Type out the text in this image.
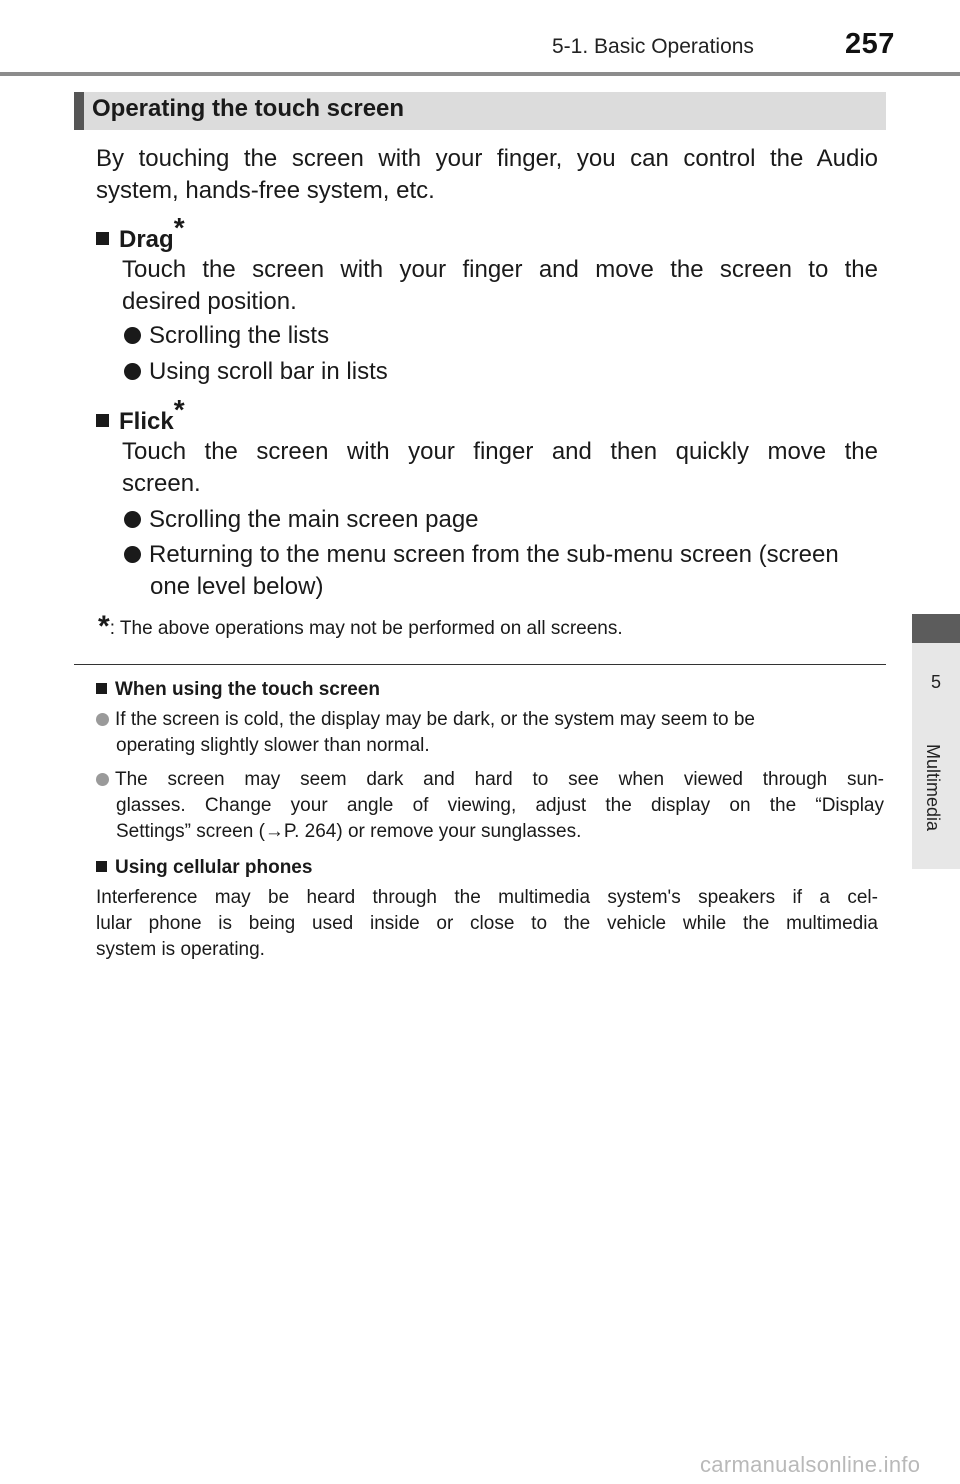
5-1. Basic Operations	257
5
Multimedia
Operating the touch screen
By touching the screen with your finger, you can control the Audio
system, hands-free system, etc.
Drag*
Touch the screen with your finger and move the screen to the
desired position.
Scrolling the lists
Using scroll bar in lists
Flick*
Touch the screen with your finger and then quickly move the
screen.
Scrolling the main screen page
Returning to the menu screen from the sub-menu screen (screen
one level below)
*: The above operations may not be performed on all screens.
When using the touch screen
If the screen is cold, the display may be dark, or the system may seem to be
operating slightly slower than normal.
The screen may seem dark and hard to see when viewed through sun-
glasses. Change your angle of viewing, adjust the display on the “Display
Settings” screen (→P. 264) or remove your sunglasses.
Using cellular phones
Interference may be heard through the multimedia system's speakers if a cel-
lular phone is being used inside or close to the vehicle while the multimedia
system is operating.
carmanualsonline.info
